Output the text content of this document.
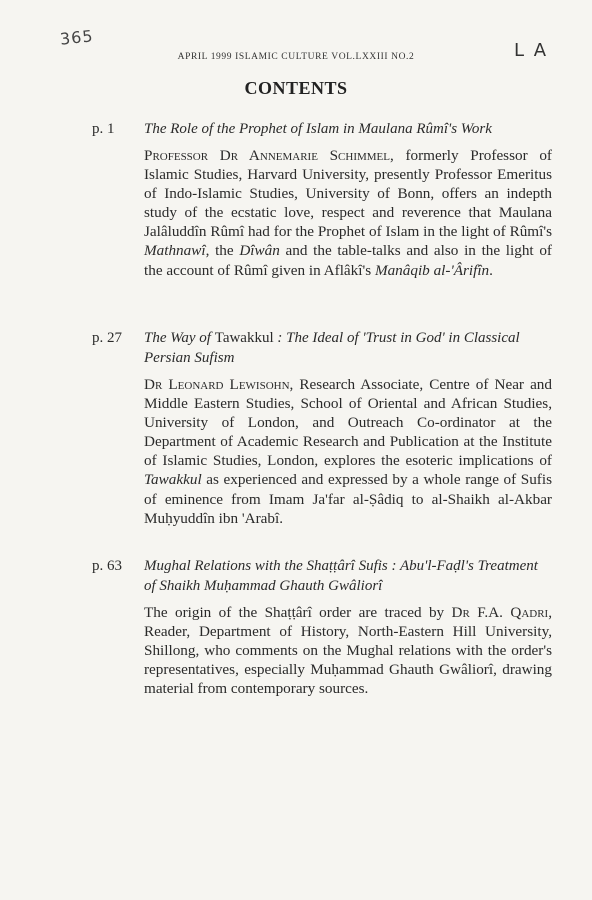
365
L A
APRIL 1999 ISLAMIC CULTURE VOL.LXXIII NO.2
CONTENTS
p. 1	The Role of the Prophet of Islam in Maulana Rûmî's Work
Professor Dr Annemarie Schimmel, formerly Professor of Islamic Studies, Harvard University, presently Professor Emeritus of Indo-Islamic Studies, University of Bonn, offers an indepth study of the ecstatic love, respect and reverence that Maulana Jalâluddîn Rûmî had for the Prophet of Islam in the light of Rûmî's Mathnawî, the Dîwân and the table-talks and also in the light of the account of Rûmî given in Aflâkî's Manâqib al-'Ârifîn.
p. 27	The Way of Tawakkul : The Ideal of 'Trust in God' in Classical Persian Sufism
Dr Leonard Lewisohn, Research Associate, Centre of Near and Middle Eastern Studies, School of Oriental and African Studies, University of London, and Outreach Co-ordinator at the Department of Academic Research and Publication at the Institute of Islamic Studies, London, explores the esoteric implications of Tawakkul as experienced and expressed by a whole range of Sufis of eminence from Imam Ja'far al-Ṣâdiq to al-Shaikh al-Akbar Muḥyuddîn ibn 'Arabî.
p. 63	Mughal Relations with the Shaṭṭârî Sufis : Abu'l-Faḍl's Treatment of Shaikh Muḥammad Ghauth Gwâliorî
The origin of the Shaṭṭârî order are traced by Dr F.A. Qadri, Reader, Department of History, North-Eastern Hill University, Shillong, who comments on the Mughal relations with the order's representatives, especially Muḥammad Ghauth Gwâliorî, drawing material from contemporary sources.
